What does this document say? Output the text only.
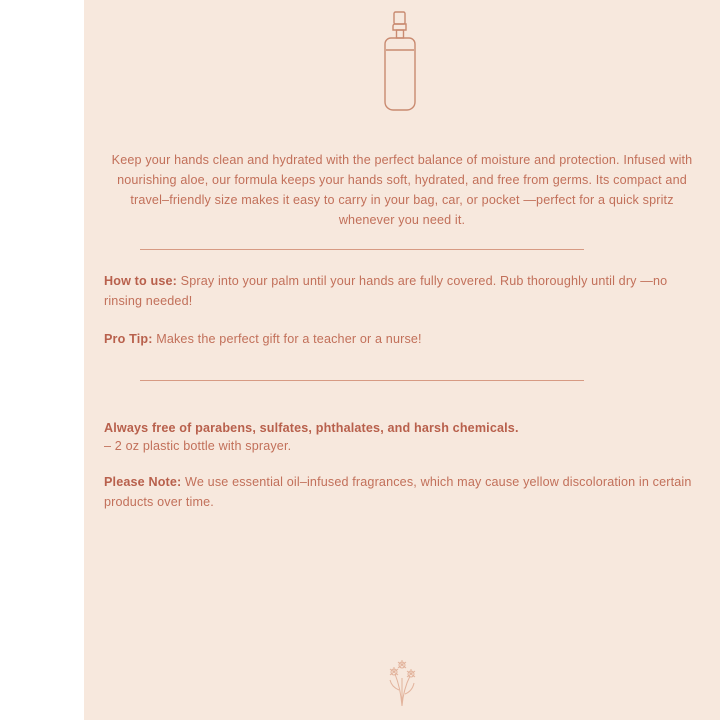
Keep your hands clean and hydrated with the perfect balance of moisture and protection. Infused with nourishing aloe, our formula keeps your hands soft, hydrated, and free from germs. Its compact and travel–friendly size makes it easy to carry in your bag, car, or pocket —perfect for a quick spritz whenever you need it.
How to use: Spray into your palm until your hands are fully covered. Rub thoroughly until dry —no rinsing needed!
Pro Tip: Makes the perfect gift for a teacher or a nurse!
Always free of parabens, sulfates, phthalates, and harsh chemicals.
– 2 oz plastic bottle with sprayer.
Please Note: We use essential oil–infused fragrances, which may cause yellow discoloration in certain products over time.
